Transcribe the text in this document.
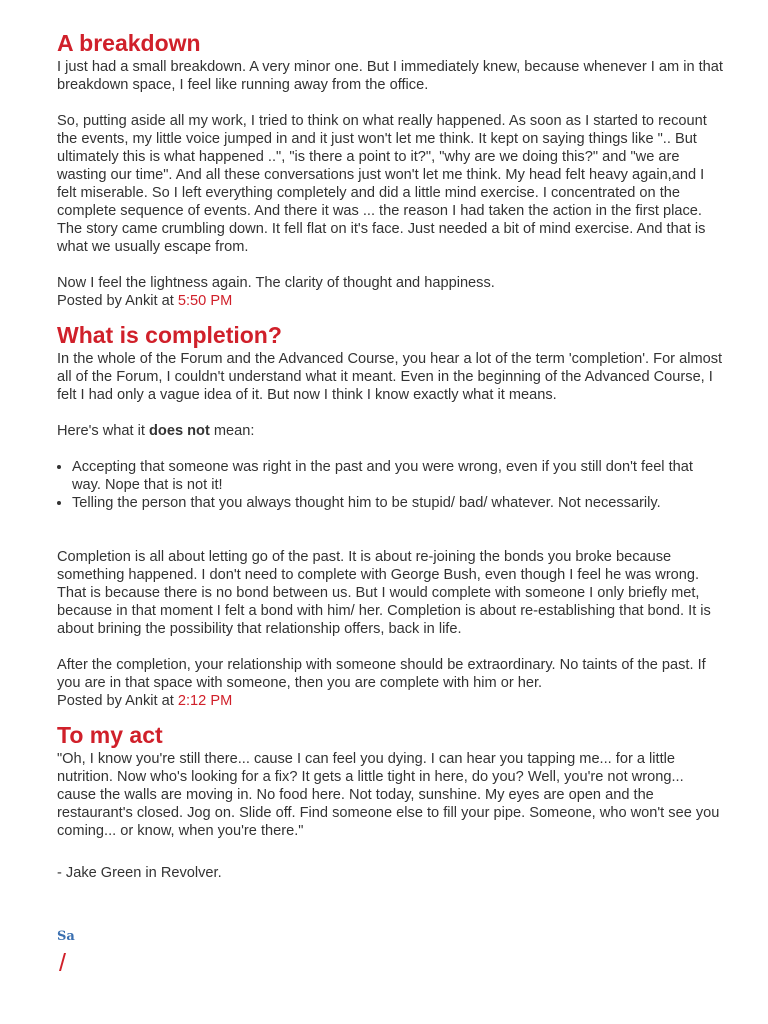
A breakdown

I just had a small breakdown. A very minor one. But I immediately knew, because whenever I am in that breakdown space, I feel like running away from the office.

So, putting aside all my work, I tried to think on what really happened. As soon as I started to recount the events, my little voice jumped in and it just won't let me think. It kept on saying things like ".. But ultimately this is what happened ..", "is there a point to it?", "why are we doing this?" and "we are wasting our time". And all these conversations just won't let me think. My head felt heavy again,and I felt miserable. So I left everything completely and did a little mind exercise. I concentrated on the complete sequence of events. And there it was ... the reason I had taken the action in the first place. The story came crumbling down. It fell flat on it's face. Just needed a bit of mind exercise. And that is what we usually escape from.

Now I feel the lightness again. The clarity of thought and happiness.

Posted by Ankit at 5:50 PM

What is completion?

In the whole of the Forum and the Advanced Course, you hear a lot of the term 'completion'. For almost all of the Forum, I couldn't understand what it meant. Even in the beginning of the Advanced Course, I felt I had only a vague idea of it. But now I think I know exactly what it means.

Here's what it does not mean:

• Accepting that someone was right in the past and you were wrong, even if you still don't feel that way. Nope that is not it!
• Telling the person that you always thought him to be stupid/ bad/ whatever. Not necessarily.

Completion is all about letting go of the past. It is about re-joining the bonds you broke because something happened. I don't need to complete with George Bush, even though I feel he was wrong. That is because there is no bond between us. But I would complete with someone I only briefly met, because in that moment I felt a bond with him/ her. Completion is about re-establishing that bond. It is about brining the possibility that relationship offers, back in life.

After the completion, your relationship with someone should be extraordinary. No taints of the past. If you are in that space with someone, then you are complete with him or her.

Posted by Ankit at 2:12 PM

To my act

"Oh, I know you're still there... cause I can feel you dying. I can hear you tapping me... for a little nutrition. Now who's looking for a fix? It gets a little tight in here, do you? Well, you're not wrong... cause the walls are moving in. No food here. Not today, sunshine. My eyes are open and the restaurant's closed. Jog on. Slide off. Find someone else to fill your pipe. Someone, who won't see you coming... or know, when you're there."

- Jake Green in Revolver.

Sa
